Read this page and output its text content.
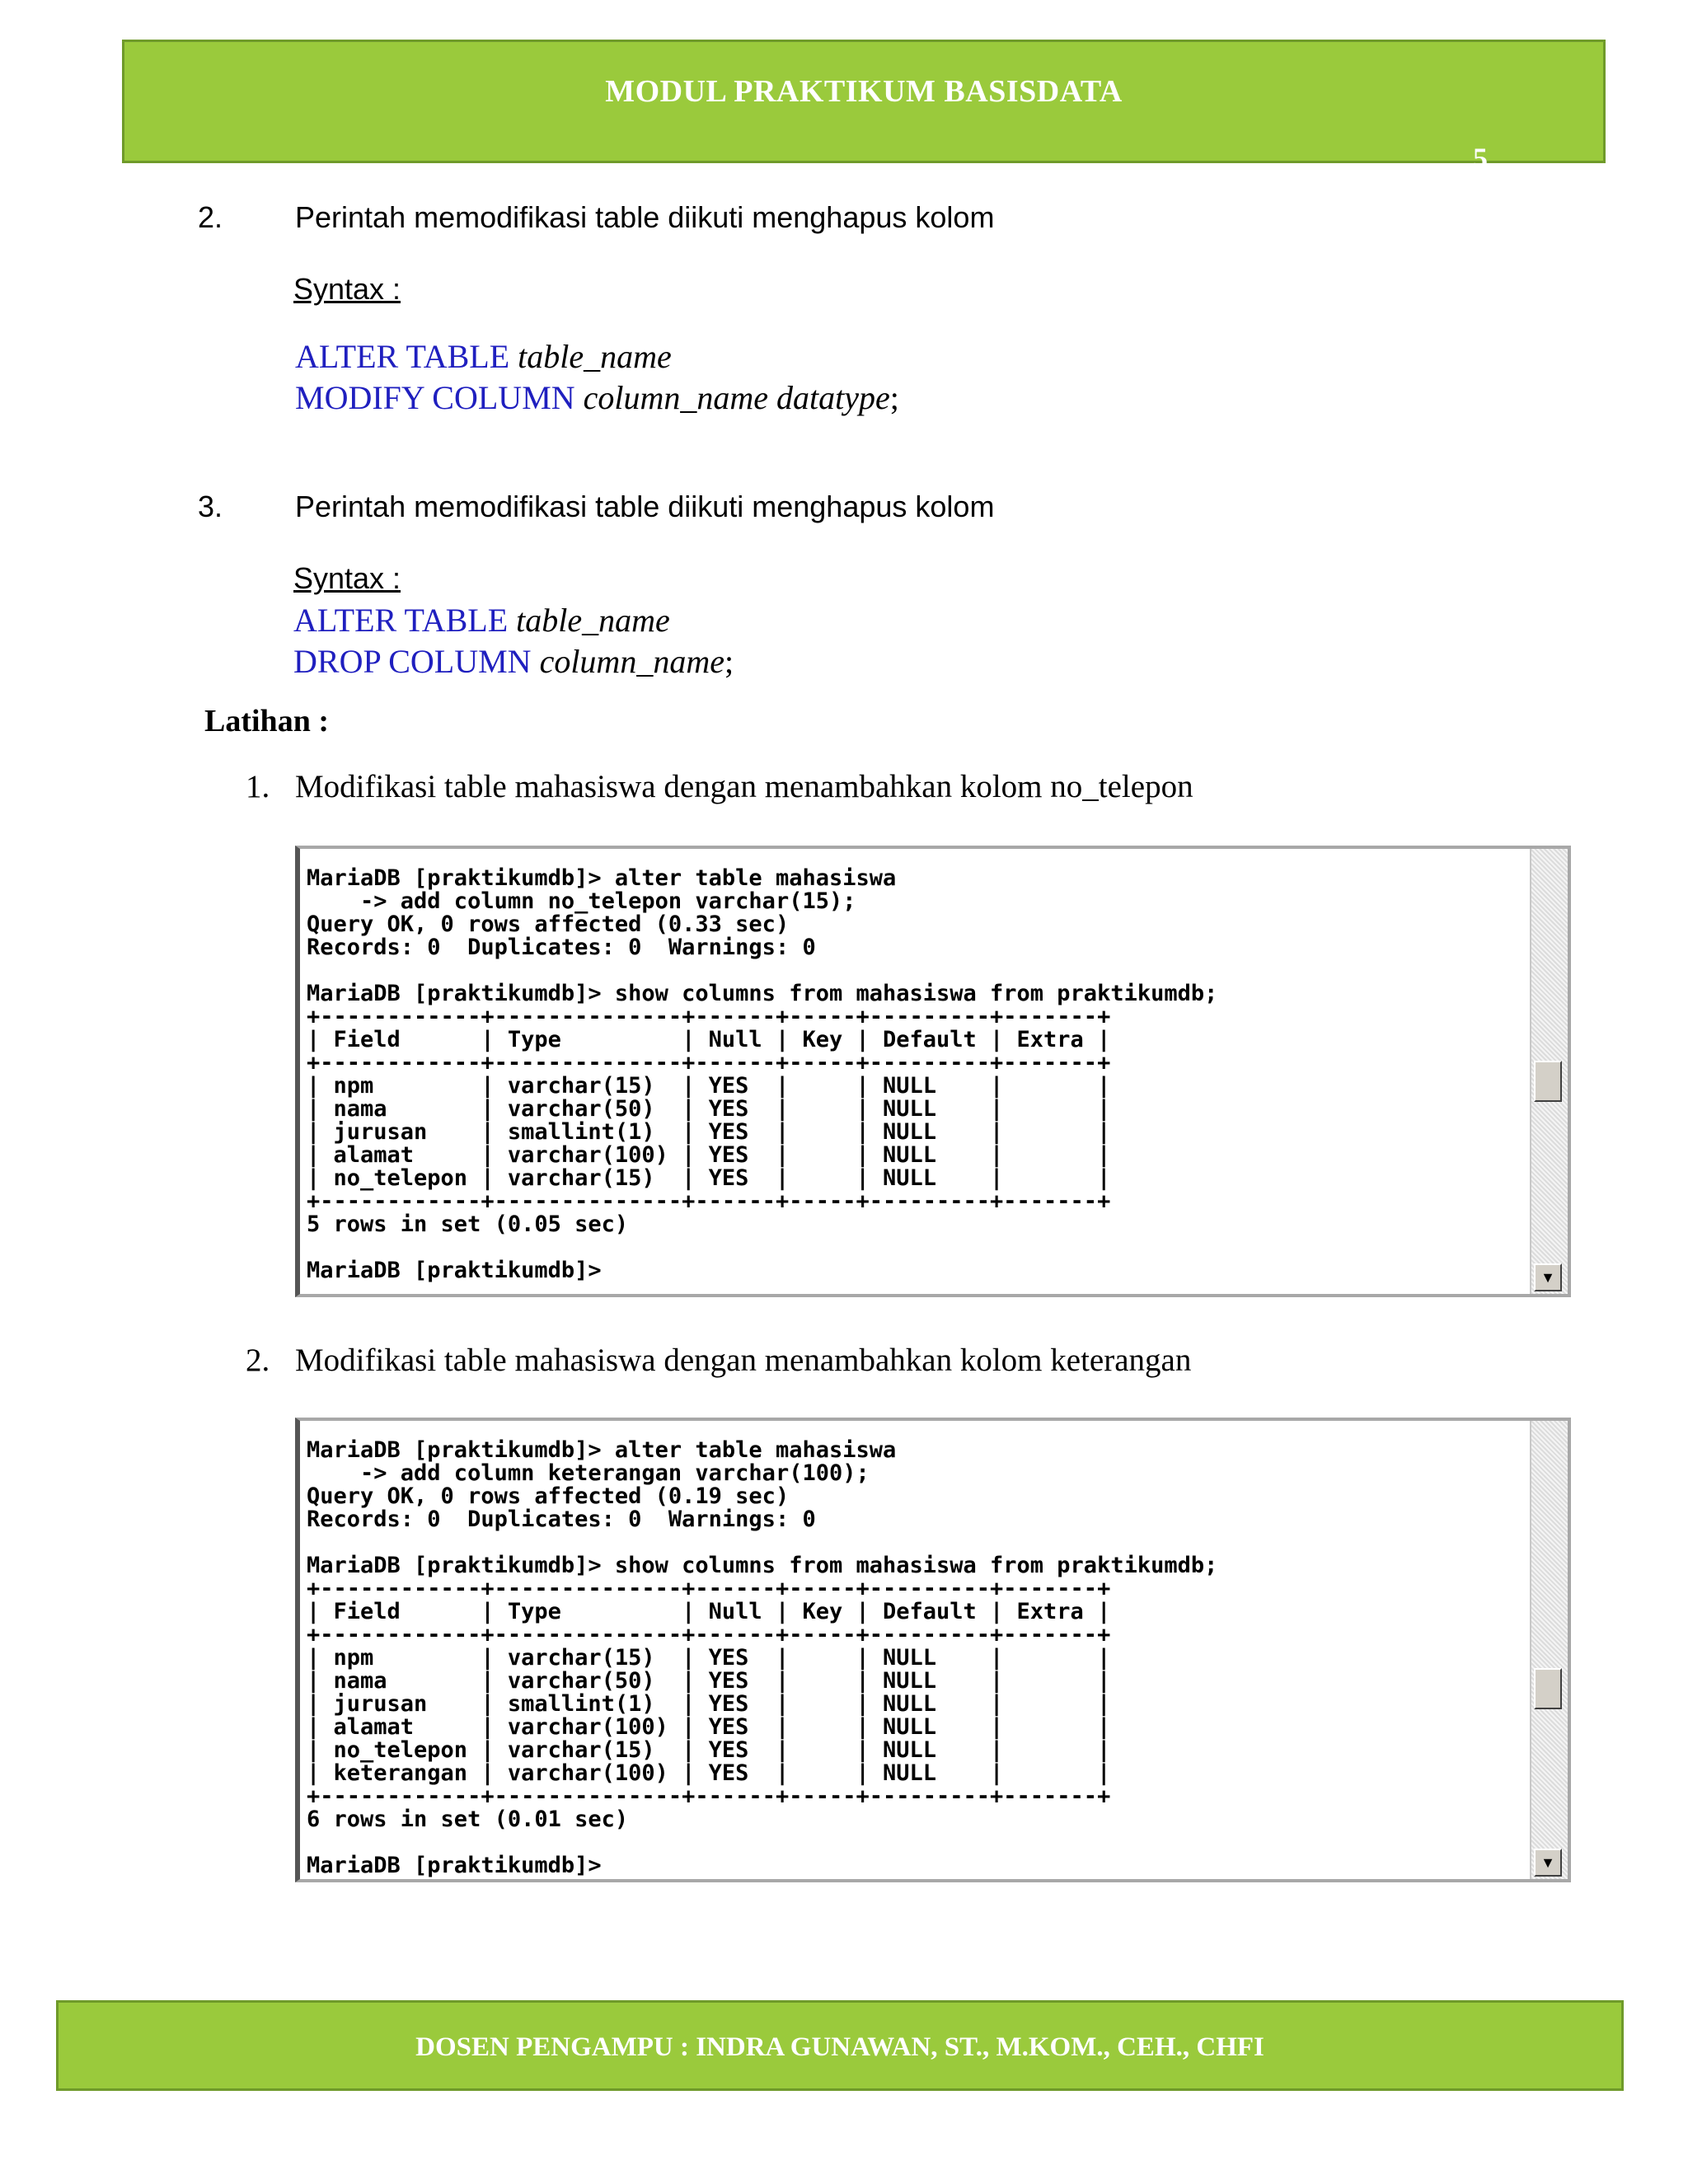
MODUL PRAKTIKUM BASISDATA
5
2. Perintah memodifikasi table diikuti menghapus kolom
Syntax :
ALTER TABLE table_name
MODIFY COLUMN column_name datatype;
3. Perintah memodifikasi table diikuti menghapus kolom
Syntax :
ALTER TABLE table_name
DROP COLUMN column_name;
Latihan :
1. Modifikasi table mahasiswa dengan menambahkan kolom no_telepon
MariaDB [praktikumdb]> alter table mahasiswa
-> add column no_telepon varchar(15);
Query OK, 0 rows affected (0.33 sec)
Records: 0  Duplicates: 0  Warnings: 0

MariaDB [praktikumdb]> show columns from mahasiswa from praktikumdb;
+------------+--------------+------+-----+---------+-------+
| Field      | Type         | Null | Key | Default | Extra |
+------------+--------------+------+-----+---------+-------+
| npm        | varchar(15)  | YES  |     | NULL    |       |
| nama       | varchar(50)  | YES  |     | NULL    |       |
| jurusan    | smallint(1)  | YES  |     | NULL    |       |
| alamat     | varchar(100) | YES  |     | NULL    |       |
| no_telepon | varchar(15)  | YES  |     | NULL    |       |
+------------+--------------+------+-----+---------+-------+
5 rows in set (0.05 sec)

MariaDB [praktikumdb]>	▼
2. Modifikasi table mahasiswa dengan menambahkan kolom keterangan
MariaDB [praktikumdb]> alter table mahasiswa
-> add column keterangan varchar(100);
Query OK, 0 rows affected (0.19 sec)
Records: 0  Duplicates: 0  Warnings: 0

MariaDB [praktikumdb]> show columns from mahasiswa from praktikumdb;
+------------+--------------+------+-----+---------+-------+
| Field      | Type         | Null | Key | Default | Extra |
+------------+--------------+------+-----+---------+-------+
| npm        | varchar(15)  | YES  |     | NULL    |       |
| nama       | varchar(50)  | YES  |     | NULL    |       |
| jurusan    | smallint(1)  | YES  |     | NULL    |       |
| alamat     | varchar(100) | YES  |     | NULL    |       |
| no_telepon | varchar(15)  | YES  |     | NULL    |       |
| keterangan | varchar(100) | YES  |     | NULL    |       |
+------------+--------------+------+-----+---------+-------+
6 rows in set (0.01 sec)

MariaDB [praktikumdb]>	▼
DOSEN PENGAMPU : INDRA GUNAWAN, ST., M.KOM., CEH., CHFI
